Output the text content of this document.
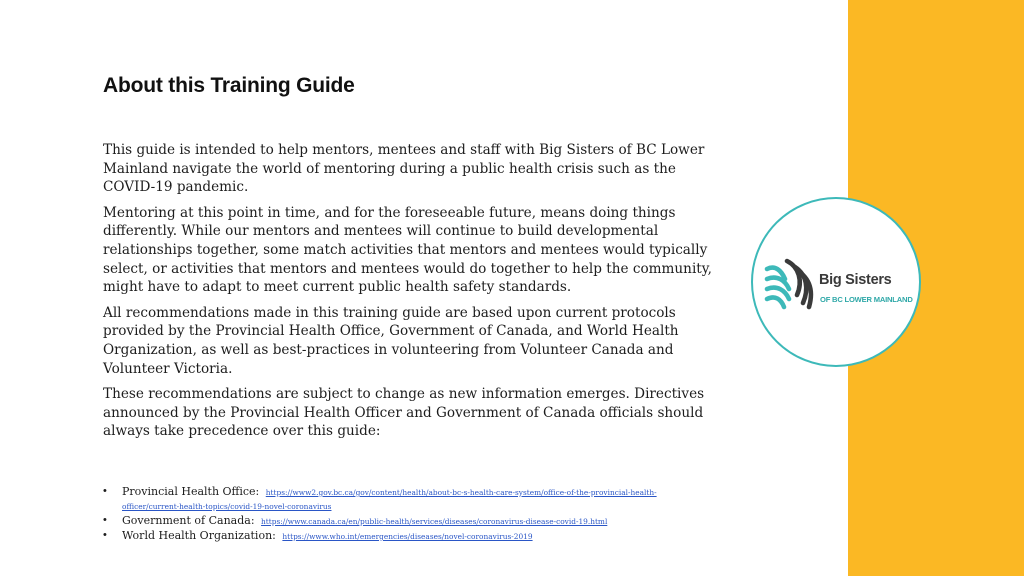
About this Training Guide

This guide is intended to help mentors, mentees and staff with Big Sisters of BC Lower Mainland navigate the world of mentoring during a public health crisis such as the COVID-19 pandemic.

Mentoring at this point in time, and for the foreseeable future, means doing things differently. While our mentors and mentees will continue to build developmental relationships together, some match activities that mentors and mentees would typically select, or activities that mentors and mentees would do together to help the community, might have to adapt to meet current public health safety standards.

All recommendations made in this training guide are based upon current protocols provided by the Provincial Health Office, Government of Canada, and World Health Organization, as well as best-practices in volunteering from Volunteer Canada and Volunteer Victoria.

These recommendations are subject to change as new information emerges. Directives announced by the Provincial Health Officer and Government of Canada officials should always take precedence over this guide:

• Provincial Health Office: https://www2.gov.bc.ca/gov/content/health/about-bc-s-health-care-system/office-of-the-provincial-health-officer/current-health-topics/covid-19-novel-coronavirus
• Government of Canada: https://www.canada.ca/en/public-health/services/diseases/coronavirus-disease-covid-19.html
• World Health Organization: https://www.who.int/emergencies/diseases/novel-coronavirus-2019
Big Sisters
OF BC LOWER MAINLAND
